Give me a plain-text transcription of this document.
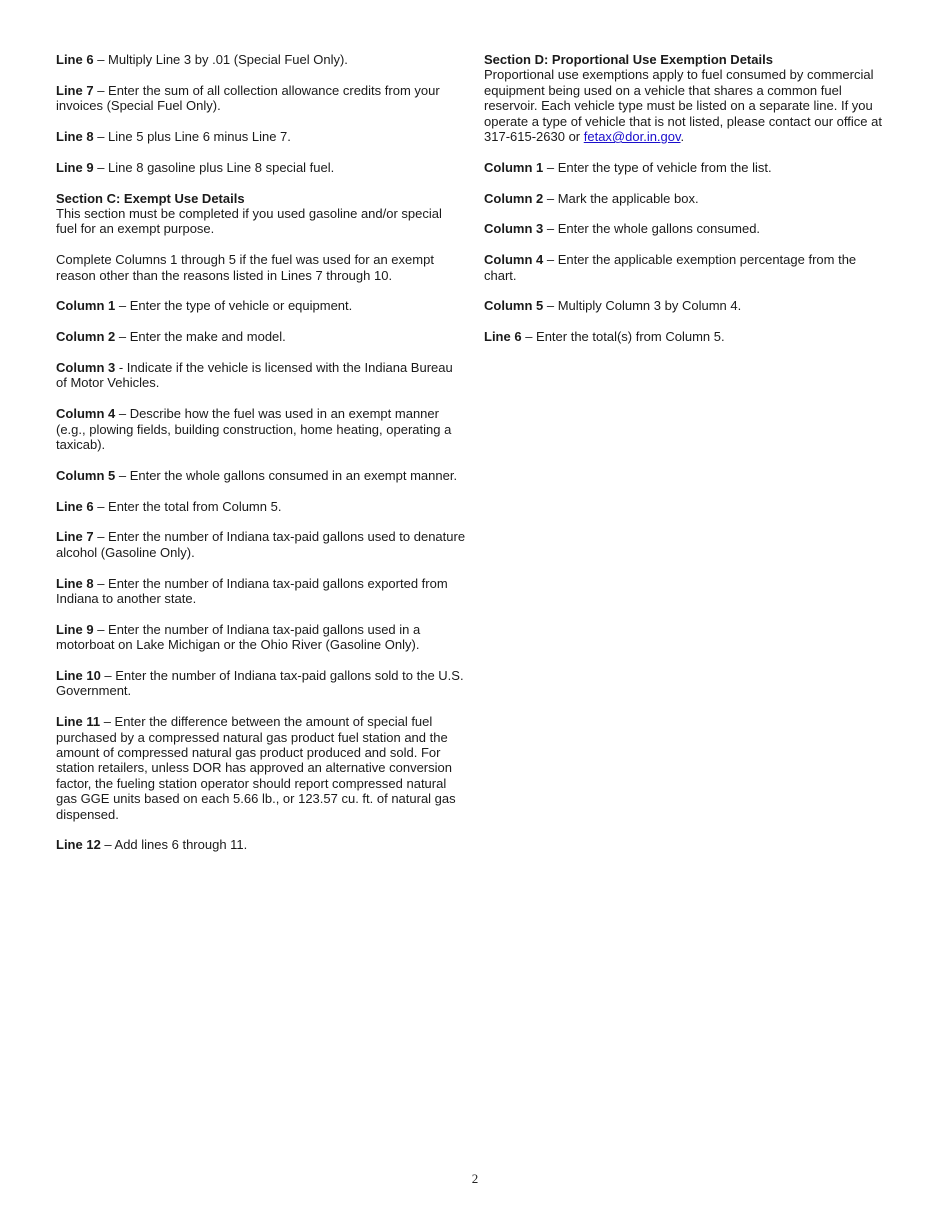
Line 6 – Multiply Line 3 by .01 (Special Fuel Only).

Line 7 – Enter the sum of all collection allowance credits from your invoices (Special Fuel Only).

Line 8 – Line 5 plus Line 6 minus Line 7.

Line 9 – Line 8 gasoline plus Line 8 special fuel.

Section C: Exempt Use Details
This section must be completed if you used gasoline and/or special fuel for an exempt purpose.

Complete Columns 1 through 5 if the fuel was used for an exempt reason other than the reasons listed in Lines 7 through 10.

Column 1 – Enter the type of vehicle or equipment.

Column 2 – Enter the make and model.

Column 3 - Indicate if the vehicle is licensed with the Indiana Bureau of Motor Vehicles.

Column 4 – Describe how the fuel was used in an exempt manner (e.g., plowing fields, building construction, home heating, operating a taxicab).

Column 5 – Enter the whole gallons consumed in an exempt manner.

Line 6 – Enter the total from Column 5.

Line 7 – Enter the number of Indiana tax-paid gallons used to denature alcohol (Gasoline Only).

Line 8 – Enter the number of Indiana tax-paid gallons exported from Indiana to another state.

Line 9 – Enter the number of Indiana tax-paid gallons used in a motorboat on Lake Michigan or the Ohio River (Gasoline Only).

Line 10 – Enter the number of Indiana tax-paid gallons sold to the U.S. Government.

Line 11 – Enter the difference between the amount of special fuel purchased by a compressed natural gas product fuel station and the amount of compressed natural gas product produced and sold. For station retailers, unless DOR has approved an alternative conversion factor, the fueling station operator should report compressed natural gas GGE units based on each 5.66 lb., or 123.57 cu. ft. of natural gas dispensed.

Line 12 – Add lines 6 through 11.

Section D: Proportional Use Exemption Details
Proportional use exemptions apply to fuel consumed by commercial equipment being used on a vehicle that shares a common fuel reservoir. Each vehicle type must be listed on a separate line. If you operate a type of vehicle that is not listed, please contact our office at 317-615-2630 or fetax@dor.in.gov.

Column 1 – Enter the type of vehicle from the list.

Column 2 – Mark the applicable box.

Column 3 – Enter the whole gallons consumed.

Column 4 – Enter the applicable exemption percentage from the chart.

Column 5 – Multiply Column 3 by Column 4.

Line 6 – Enter the total(s) from Column 5.

2
